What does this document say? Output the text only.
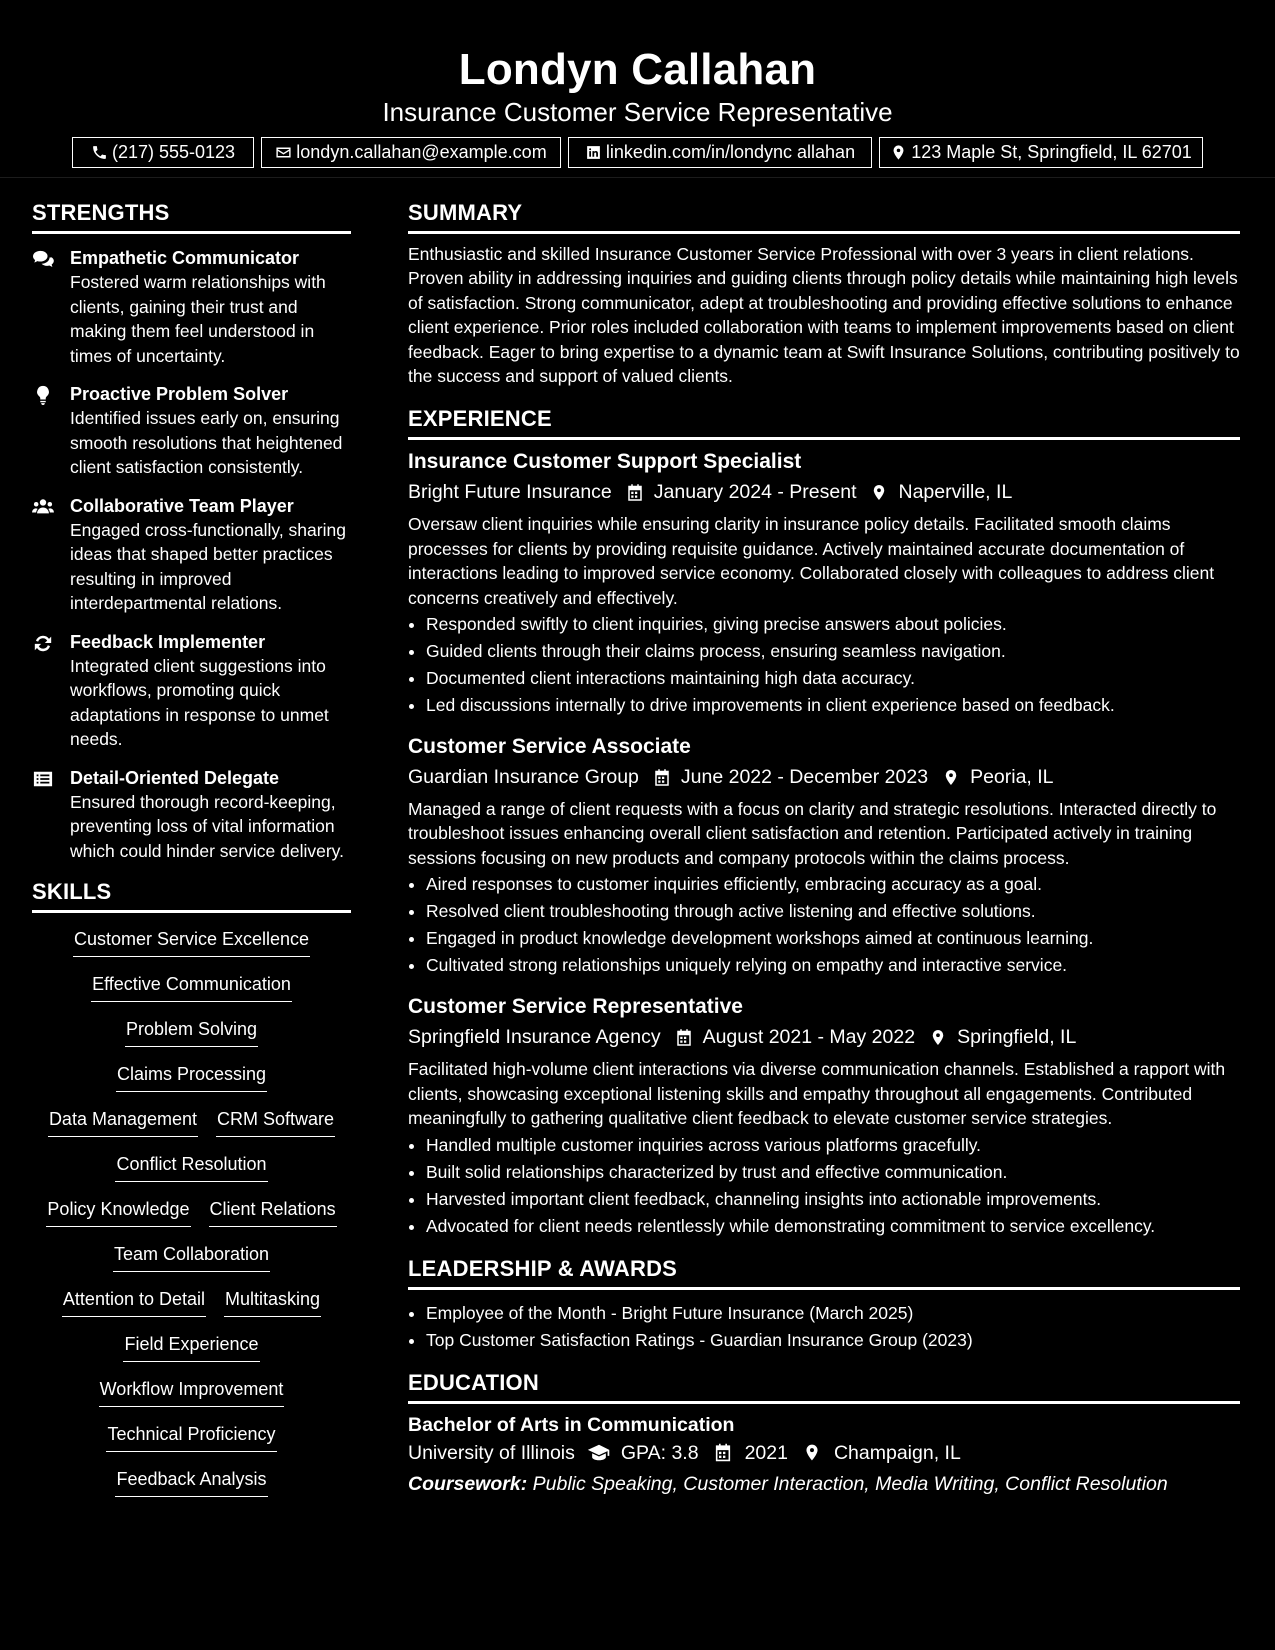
Londyn Callahan
Insurance Customer Service Representative
(217) 555-0123	londyn.callahan@example.com	linkedin.com/in/londync allahan	123 Maple St, Springfield, IL 62701
STRENGTHS
Empathetic Communicator
Fostered warm relationships with clients, gaining their trust and making them feel understood in times of uncertainty.
Proactive Problem Solver
Identified issues early on, ensuring smooth resolutions that heightened client satisfaction consistently.
Collaborative Team Player
Engaged cross-functionally, sharing ideas that shaped better practices resulting in improved interdepartmental relations.
Feedback Implementer
Integrated client suggestions into workflows, promoting quick adaptations in response to unmet needs.
Detail-Oriented Delegate
Ensured thorough record-keeping, preventing loss of vital information which could hinder service delivery.
SKILLS
Customer Service Excellence
Effective Communication
Problem Solving
Claims Processing
Data Management CRM Software
Conflict Resolution
Policy Knowledge Client Relations
Team Collaboration
Attention to Detail Multitasking
Field Experience
Workflow Improvement
Technical Proficiency
Feedback Analysis
SUMMARY

Enthusiastic and skilled Insurance Customer Service Professional with over 3 years in client relations. Proven ability in addressing inquiries and guiding clients through policy details while maintaining high levels of satisfaction. Strong communicator, adept at troubleshooting and providing effective solutions to enhance client experience. Prior roles included collaboration with teams to implement improvements based on client feedback. Eager to bring expertise to a dynamic team at Swift Insurance Solutions, contributing positively to the success and support of valued clients.

EXPERIENCE
Insurance Customer Support Specialist
Bright Future Insurance January 2024 - Present Naperville, IL

Oversaw client inquiries while ensuring clarity in insurance policy details. Facilitated smooth claims processes for clients by providing requisite guidance. Actively maintained accurate documentation of interactions leading to improved service economy. Collaborated closely with colleagues to address client concerns creatively and effectively.

• Responded swiftly to client inquiries, giving precise answers about policies.
• Guided clients through their claims process, ensuring seamless navigation.
• Documented client interactions maintaining high data accuracy.
• Led discussions internally to drive improvements in client experience based on feedback.
Customer Service Associate
Guardian Insurance Group June 2022 - December 2023 Peoria, IL

Managed a range of client requests with a focus on clarity and strategic resolutions. Interacted directly to troubleshoot issues enhancing overall client satisfaction and retention. Participated actively in training sessions focusing on new products and company protocols within the claims process.

• Aired responses to customer inquiries efficiently, embracing accuracy as a goal.
• Resolved client troubleshooting through active listening and effective solutions.
• Engaged in product knowledge development workshops aimed at continuous learning.
• Cultivated strong relationships uniquely relying on empathy and interactive service.
Customer Service Representative
Springfield Insurance Agency August 2021 - May 2022 Springfield, IL

Facilitated high-volume client interactions via diverse communication channels. Established a rapport with clients, showcasing exceptional listening skills and empathy throughout all engagements. Contributed meaningfully to gathering qualitative client feedback to elevate customer service strategies.

• Handled multiple customer inquiries across various platforms gracefully.
• Built solid relationships characterized by trust and effective communication.
• Harvested important client feedback, channeling insights into actionable improvements.
• Advocated for client needs relentlessly while demonstrating commitment to service excellency.
LEADERSHIP & AWARDS
• Employee of the Month - Bright Future Insurance (March 2025)
• Top Customer Satisfaction Ratings - Guardian Insurance Group (2023)
EDUCATION
Bachelor of Arts in Communication
University of Illinois GPA: 3.8 2021 Champaign, IL
Coursework: Public Speaking, Customer Interaction, Media Writing, Conflict Resolution
